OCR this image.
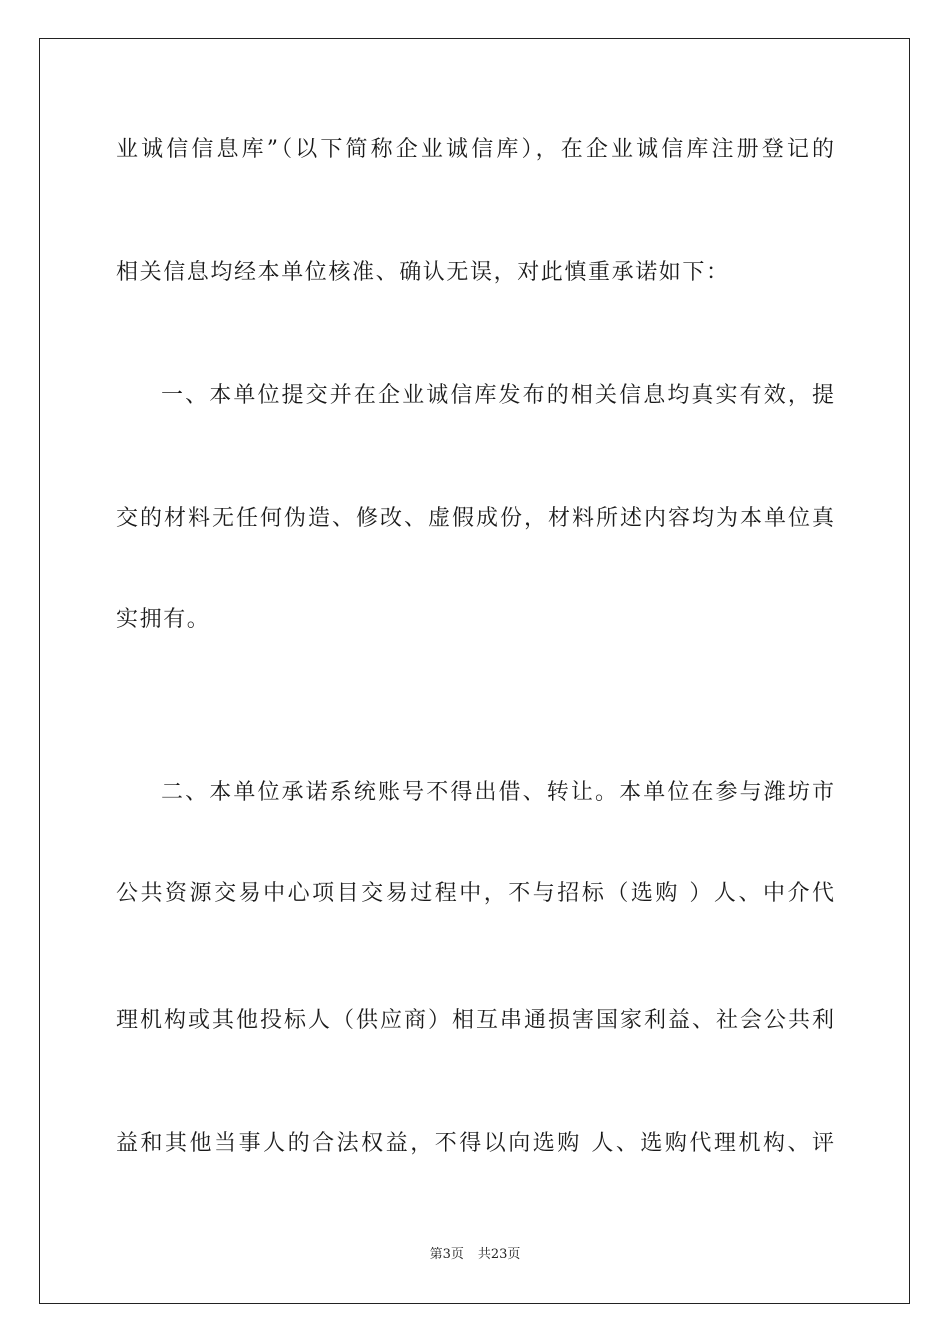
业诚信信息库”（以下简称企业诚信库），在企业诚信库注册登记的
相关信息均经本单位核准、确认无误，对此慎重承诺如下：
一、本单位提交并在企业诚信库发布的相关信息均真实有效，提
交的材料无任何伪造、修改、虚假成份，材料所述内容均为本单位真
实拥有。
二、本单位承诺系统账号不得出借、转让。本单位在参与潍坊市
公共资源交易中心项目交易过程中，不与招标（选购 ）人、中介代
理机构或其他投标人（供应商）相互串通损害国家利益、社会公共利
益和其他当事人的合法权益，不得以向选购 人、选购代理机构、评
第3页 共23页
